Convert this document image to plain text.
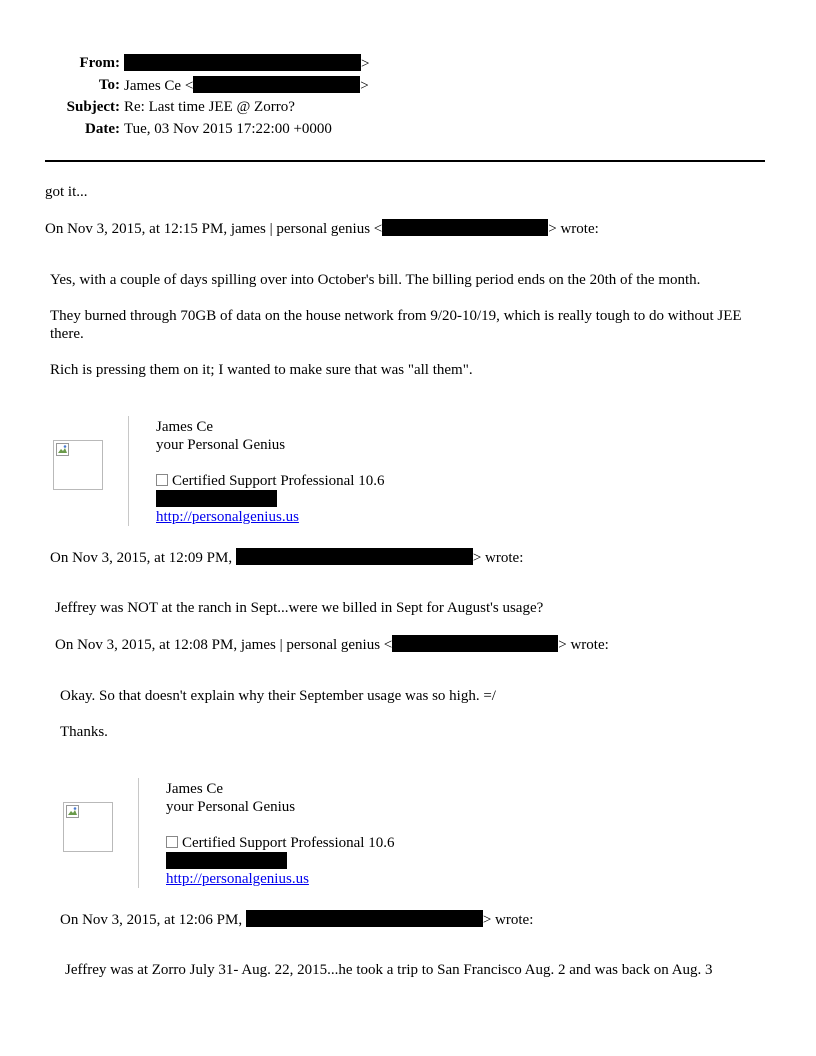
From:	>
To: James Ce <	>
Subject: Re: Last time JEE @ Zorro?
Date: Tue, 03 Nov 2015 17:22:00 +0000
got it...
On Nov 3, 2015, at 12:15 PM, james | personal genius <	> wrote:
Yes, with a couple of days spilling over into October's bill. The billing period ends on the 20th of the month.
They burned through 70GB of data on the house network from 9/20-10/19, which is really tough to do without JEE there.
Rich is pressing them on it; I wanted to make sure that was "all them".
James Ce
your Personal Genius
Certified Support Professional 10.6
http://personalgenius.us
On Nov 3, 2015, at 12:09 PM,	> wrote:
Jeffrey was NOT at the ranch in Sept...were we billed in Sept for August's usage?
On Nov 3, 2015, at 12:08 PM, james | personal genius <	> wrote:
Okay. So that doesn't explain why their September usage was so high. =/
Thanks.
James Ce
your Personal Genius
Certified Support Professional 10.6
http://personalgenius.us
On Nov 3, 2015, at 12:06 PM,	> wrote:
Jeffrey was at Zorro July 31- Aug. 22, 2015...he took a trip to San Francisco Aug. 2 and was back on Aug. 3
